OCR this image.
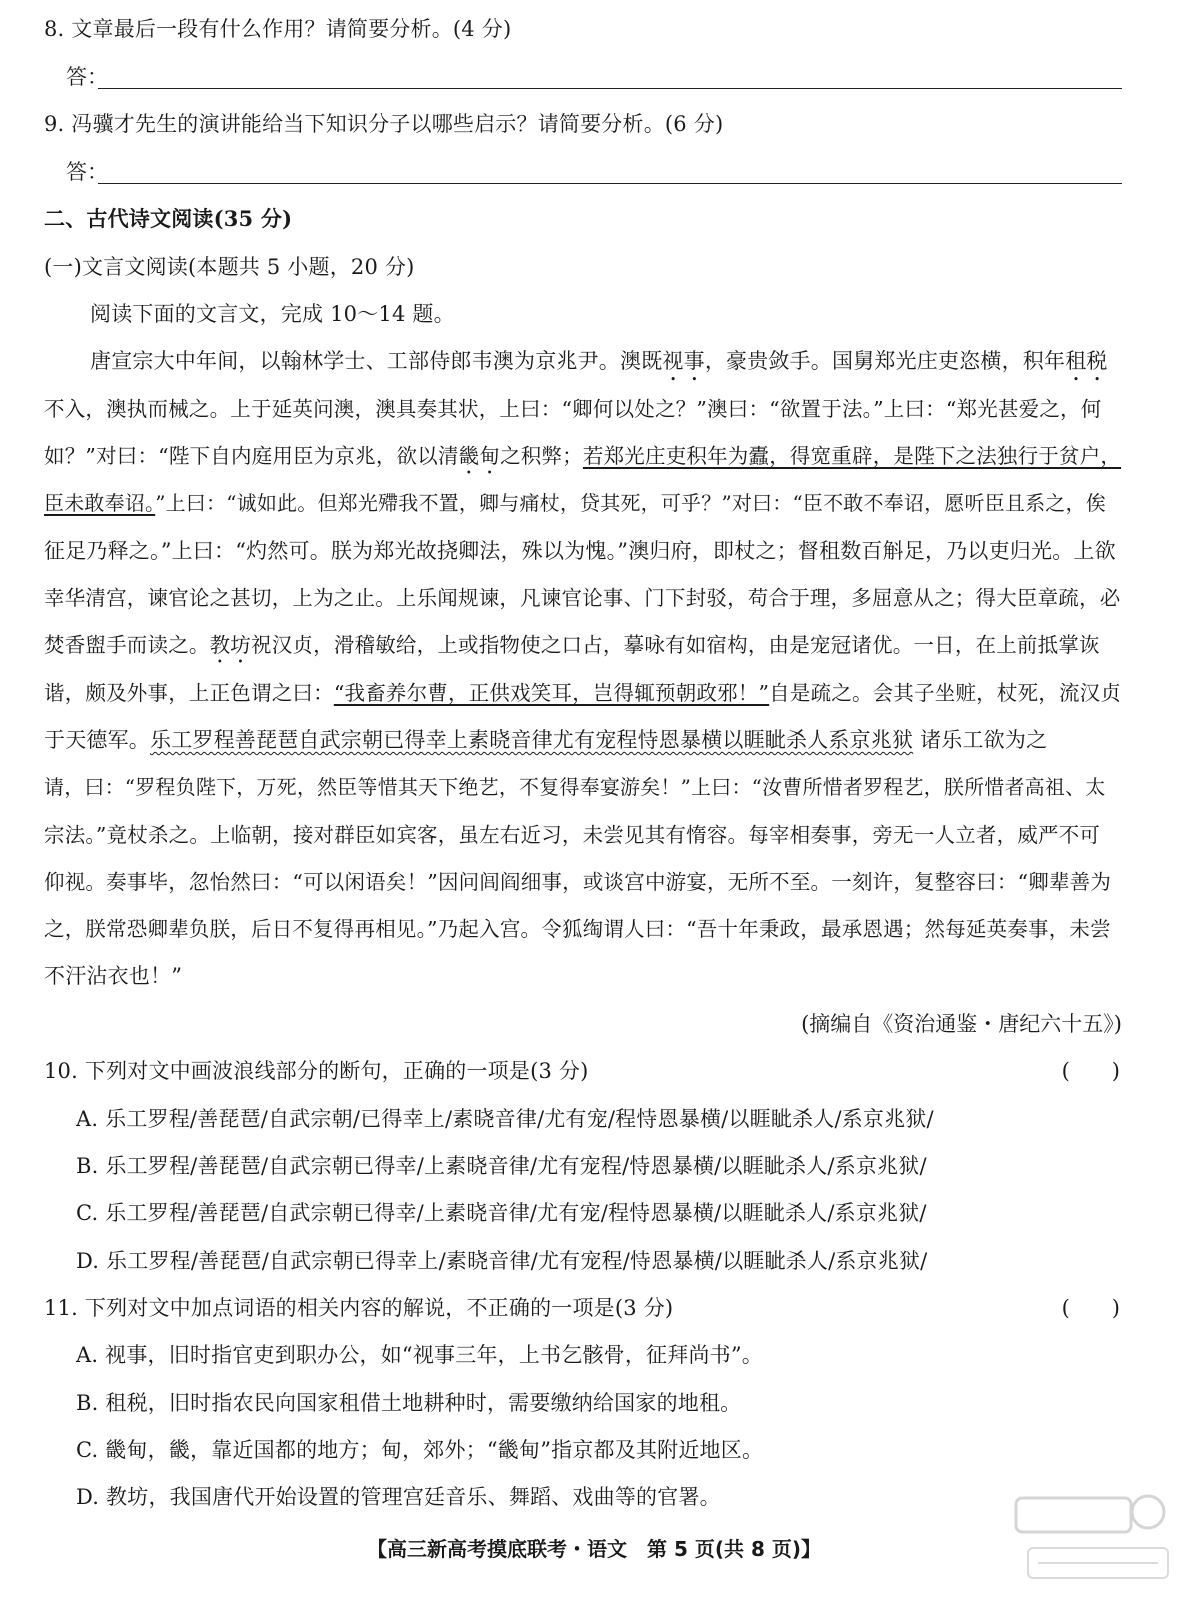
8. 文章最后一段有什么作用？请简要分析。(4 分)
答：
9. 冯骥才先生的演讲能给当下知识分子以哪些启示？请简要分析。(6 分)
答：
二、古代诗文阅读(35 分)
(一)文言文阅读(本题共 5 小题，20 分)
阅读下面的文言文，完成 10～14 题。
唐宣宗大中年间，以翰林学士、工部侍郎韦澳为京兆尹。澳既视事，豪贵敛手。国舅郑光庄吏恣横，积年租税
不入，澳执而械之。上于延英问澳，澳具奏其状，上曰：“卿何以处之？”澳曰：“欲置于法。”上曰：“郑光甚爱之，何
如？”对曰：“陛下自内庭用臣为京兆，欲以清畿甸之积弊；若郑光庄吏积年为蠹，得宽重辟，是陛下之法独行于贫户，
臣未敢奉诏。”上曰：“诚如此。但郑光殢我不置，卿与痛杖，贷其死，可乎？”对曰：“臣不敢不奉诏，愿听臣且系之，俟
征足乃释之。”上曰：“灼然可。朕为郑光故挠卿法，殊以为愧。”澳归府，即杖之；督租数百斛足，乃以吏归光。上欲
幸华清宫，谏官论之甚切，上为之止。上乐闻规谏，凡谏官论事、门下封驳，苟合于理，多屈意从之；得大臣章疏，必
焚香盥手而读之。教坊祝汉贞，滑稽敏给，上或指物使之口占，摹咏有如宿构，由是宠冠诸优。一日，在上前抵掌诙
谐，颇及外事，上正色谓之曰：“我畜养尔曹，正供戏笑耳，岂得辄预朝政邪！”自是疏之。会其子坐赃，杖死，流汉贞
于天德军。乐工罗程善琵琶自武宗朝已得幸上素晓音律尤有宠程恃恩暴横以睚眦杀人系京兆狱 诸乐工欲为之
请，曰：“罗程负陛下，万死，然臣等惜其天下绝艺，不复得奉宴游矣！”上曰：“汝曹所惜者罗程艺，朕所惜者高祖、太
宗法。”竟杖杀之。上临朝，接对群臣如宾客，虽左右近习，未尝见其有惰容。每宰相奏事，旁无一人立者，威严不可
仰视。奏事毕，忽怡然曰：“可以闲语矣！”因问闾阎细事，或谈宫中游宴，无所不至。一刻许，复整容曰：“卿辈善为
之，朕常恐卿辈负朕，后日不复得再相见。”乃起入宫。令狐绹谓人曰：“吾十年秉政，最承恩遇；然每延英奏事，未尝
不汗沾衣也！”
(摘编自《资治通鉴・唐纪六十五》)
10. 下列对文中画波浪线部分的断句，正确的一项是(3 分)	(　　)
A. 乐工罗程/善琵琶/自武宗朝/已得幸上/素晓音律/尤有宠/程恃恩暴横/以睚眦杀人/系京兆狱/
B. 乐工罗程/善琵琶/自武宗朝已得幸/上素晓音律/尤有宠程/恃恩暴横/以睚眦杀人/系京兆狱/
C. 乐工罗程/善琵琶/自武宗朝已得幸/上素晓音律/尤有宠/程恃恩暴横/以睚眦杀人/系京兆狱/
D. 乐工罗程/善琵琶/自武宗朝已得幸上/素晓音律/尤有宠程/恃恩暴横/以睚眦杀人/系京兆狱/
11. 下列对文中加点词语的相关内容的解说，不正确的一项是(3 分)	(　　)
A. 视事，旧时指官吏到职办公，如“视事三年，上书乞骸骨，征拜尚书”。
B. 租税，旧时指农民向国家租借土地耕种时，需要缴纳给国家的地租。
C. 畿甸，畿，靠近国都的地方；甸，郊外；“畿甸”指京都及其附近地区。
D. 教坊，我国唐代开始设置的管理宫廷音乐、舞蹈、戏曲等的官署。
【高三新高考摸底联考・语文　第 5 页(共 8 页)】
